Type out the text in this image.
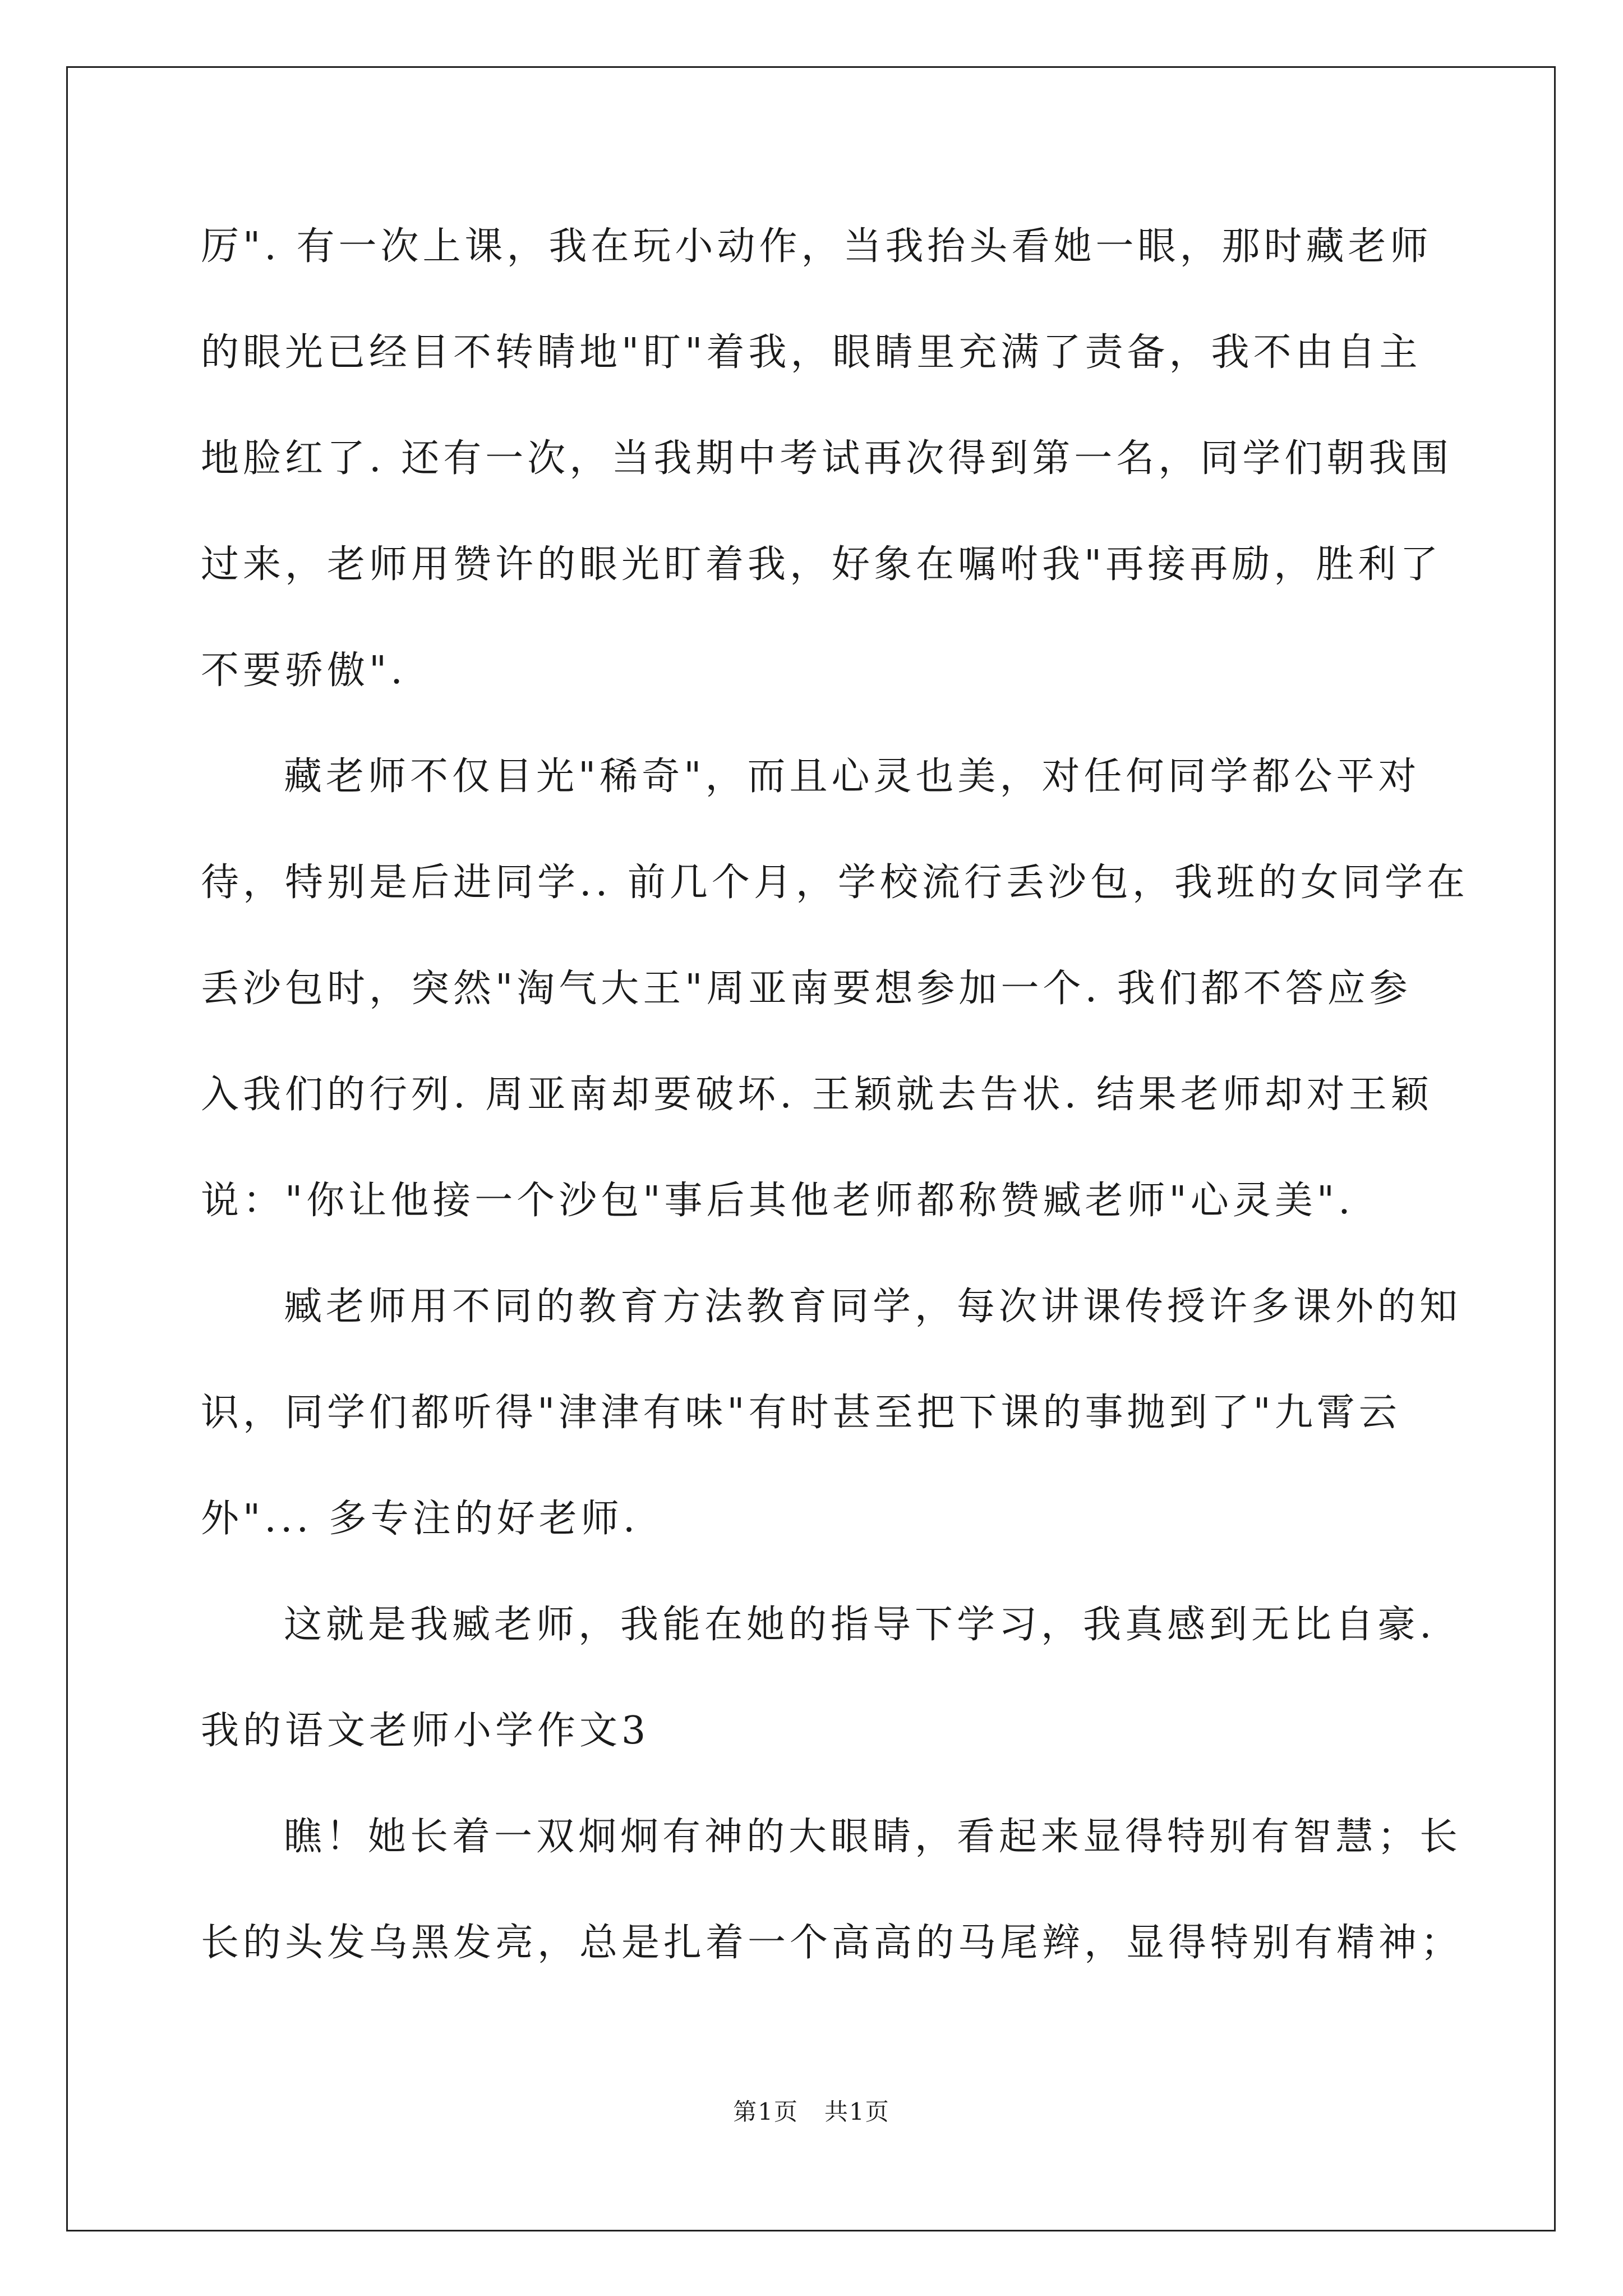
厉". 有一次上课，我在玩小动作，当我抬头看她一眼，那时藏老师
的眼光已经目不转睛地"盯"着我，眼睛里充满了责备，我不由自主
地脸红了. 还有一次，当我期中考试再次得到第一名，同学们朝我围
过来，老师用赞许的眼光盯着我，好象在嘱咐我"再接再励，胜利了
不要骄傲".
藏老师不仅目光"稀奇"，而且心灵也美，对任何同学都公平对
待，特别是后进同学.. 前几个月，学校流行丢沙包，我班的女同学在
丢沙包时，突然"淘气大王"周亚南要想参加一个. 我们都不答应参
入我们的行列. 周亚南却要破坏. 王颖就去告状. 结果老师却对王颖
说："你让他接一个沙包"事后其他老师都称赞臧老师"心灵美".
臧老师用不同的教育方法教育同学，每次讲课传授许多课外的知
识，同学们都听得"津津有味"有时甚至把下课的事抛到了"九霄云
外"... 多专注的好老师.
这就是我臧老师，我能在她的指导下学习，我真感到无比自豪.
我的语文老师小学作文3
瞧！她长着一双炯炯有神的大眼睛，看起来显得特别有智慧；长
长的头发乌黑发亮，总是扎着一个高高的马尾辫，显得特别有精神；
第1页   共1页
